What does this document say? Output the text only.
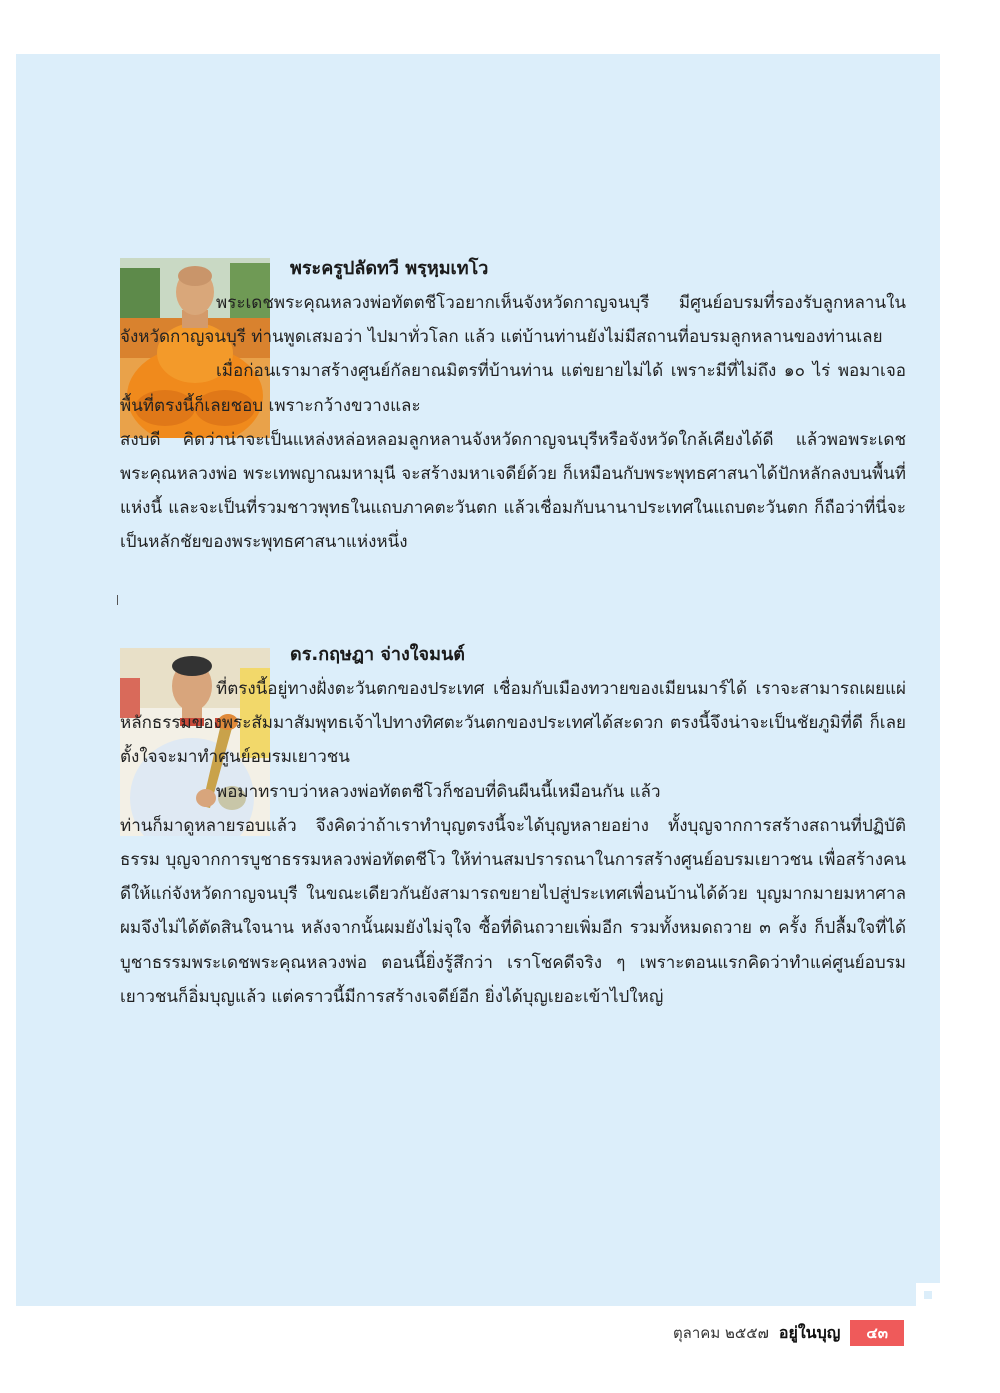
พระครูปลัดทวี พรฺหฺมเทโว

พระเดชพระคุณหลวงพ่อทัตตชีโวอยากเห็นจังหวัดกาญจนบุรี มีศูนย์อบรมที่รองรับลูกหลานในจังหวัดกาญจนบุรี ท่านพูดเสมอว่า ไปมาทั่วโลก แล้ว แต่บ้านท่านยังไม่มีสถานที่อบรมลูกหลานของท่านเลย

เมื่อก่อนเรามาสร้างศูนย์กัลยาณมิตรที่บ้านท่าน แต่ขยายไม่ได้ เพราะมีที่ไม่ถึง ๑๐ ไร่ พอมาเจอพื้นที่ตรงนี้ก็เลยชอบ เพราะกว้างขวางและ

สงบดี คิดว่าน่าจะเป็นแหล่งหล่อหลอมลูกหลานจังหวัดกาญจนบุรีหรือจังหวัดใกล้เคียงได้ดี แล้วพอพระเดชพระคุณหลวงพ่อ พระเทพญาณมหามุนี จะสร้างมหาเจดีย์ด้วย ก็เหมือนกับพระพุทธศาสนาได้ปักหลักลงบนพื้นที่แห่งนี้ และจะเป็นที่รวมชาวพุทธในแถบภาคตะวันตก แล้วเชื่อมกับนานาประเทศในแถบตะวันตก ก็ถือว่าที่นี่จะเป็นหลักชัยของพระพุทธศาสนาแห่งหนึ่ง

ดร.กฤษฎา จ่างใจมนต์

ที่ตรงนี้อยู่ทางฝั่งตะวันตกของประเทศ เชื่อมกับเมืองทวายของเมียนมาร์ได้ เราจะสามารถเผยแผ่หลักธรรมของพระสัมมาสัมพุทธเจ้าไปทางทิศตะวันตกของประเทศได้สะดวก ตรงนี้จึงน่าจะเป็นชัยภูมิที่ดี ก็เลยตั้งใจจะมาทำศูนย์อบรมเยาวชน

พอมาทราบว่าหลวงพ่อทัตตชีโวก็ชอบที่ดินผืนนี้เหมือนกัน แล้ว

ท่านก็มาดูหลายรอบแล้ว จึงคิดว่าถ้าเราทำบุญตรงนี้จะได้บุญหลายอย่าง ทั้งบุญจากการสร้างสถานที่ปฏิบัติธรรม บุญจากการบูชาธรรมหลวงพ่อทัตตชีโว ให้ท่านสมปรารถนาในการสร้างศูนย์อบรมเยาวชน เพื่อสร้างคนดีให้แก่จังหวัดกาญจนบุรี ในขณะเดียวกันยังสามารถขยายไปสู่ประเทศเพื่อนบ้านได้ด้วย บุญมากมายมหาศาล ผมจึงไม่ได้ตัดสินใจนาน หลังจากนั้นผมยังไม่จุใจ ซื้อที่ดินถวายเพิ่มอีก รวมทั้งหมดถวาย ๓ ครั้ง ก็ปลื้มใจที่ได้บูชาธรรมพระเดชพระคุณหลวงพ่อ ตอนนี้ยิ่งรู้สึกว่า เราโชคดีจริง ๆ เพราะตอนแรกคิดว่าทำแค่ศูนย์อบรมเยาวชนก็อิ่มบุญแล้ว แต่คราวนี้มีการสร้างเจดีย์อีก ยิ่งได้บุญเยอะเข้าไปใหญ่

ตุลาคม ๒๕๕๗ อยู่ในบุญ	๔๓
